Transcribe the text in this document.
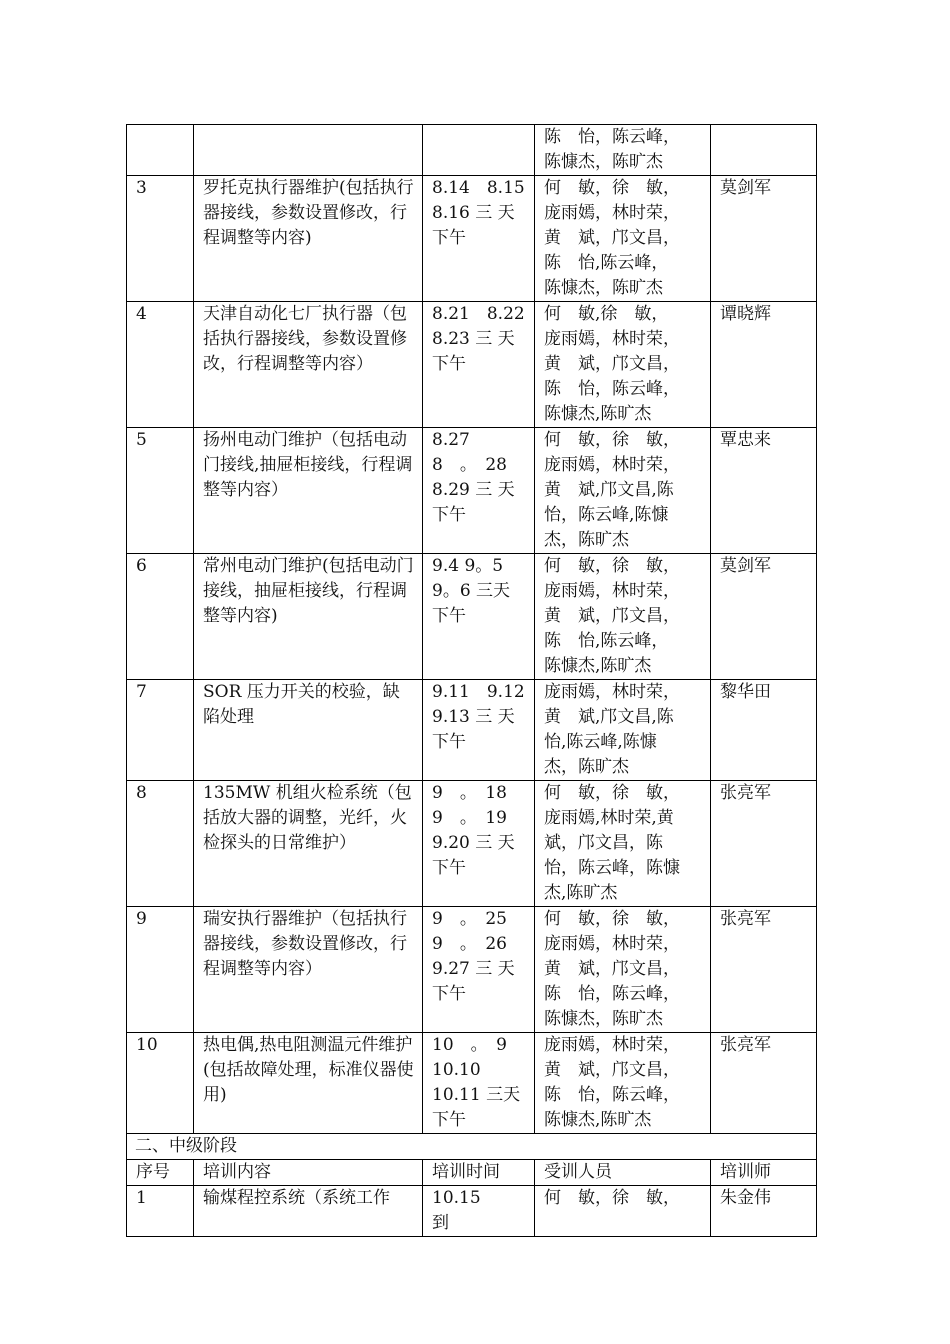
			陈　怡，陈云峰，
陈慷杰，陈旷杰	
3	罗托克执行器维护(包括执行器接线，参数设置修改，行程调整等内容)	8.14　8.15
8.16 三 天
下午	何　敏，徐　敏，
庞雨嫣，林时荣，
黄　斌，邝文昌，
陈　怡,陈云峰，
陈慷杰，陈旷杰	莫剑军
4	天津自动化七厂执行器（包括执行器接线，参数设置修改，行程调整等内容）	8.21　8.22
8.23 三 天
下午	何　敏,徐　敏，
庞雨嫣，林时荣，
黄　斌，邝文昌，
陈　怡，陈云峰，
陈慷杰,陈旷杰	谭晓辉
5	扬州电动门维护（包括电动门接线,抽屉柜接线，行程调整等内容）	8.27
8　。　28
8.29 三 天
下午	何　敏，徐　敏，
庞雨嫣，林时荣，
黄　斌,邝文昌,陈
怡，陈云峰,陈慷
杰，陈旷杰	覃忠来
6	常州电动门维护(包括电动门接线，抽屉柜接线，行程调整等内容)	9.4 9。5
9。6 三天
下午	何　敏，徐　敏，
庞雨嫣，林时荣，
黄　斌，邝文昌，
陈　怡,陈云峰，
陈慷杰,陈旷杰	莫剑军
7	SOR 压力开关的校验，缺陷处理	9.11　9.12
9.13 三 天
下午	庞雨嫣，林时荣，
黄　斌,邝文昌,陈
怡,陈云峰,陈慷
杰，陈旷杰	黎华田
8	135MW 机组火检系统（包括放大器的调整，光纤，火检探头的日常维护）	9　。　18
9　。　19
9.20 三 天
下午	何　敏，徐　敏，
庞雨嫣,林时荣,黄
斌，邝文昌，陈
怡，陈云峰，陈慷
杰,陈旷杰	张亮军
9	瑞安执行器维护（包括执行器接线，参数设置修改，行程调整等内容）	9　。　25
9　。　26
9.27 三 天
下午	何　敏，徐　敏，
庞雨嫣，林时荣，
黄　斌，邝文昌，
陈　怡，陈云峰，
陈慷杰，陈旷杰	张亮军
10	热电偶,热电阻测温元件维护(包括故障处理，标准仪器使用)	10　。　9
10.10
10.11 三天
下午	庞雨嫣，林时荣，
黄　斌，邝文昌，
陈　怡，陈云峰，
陈慷杰,陈旷杰	张亮军
二、中级阶段				
序号	培训内容	培训时间	受训人员	培训师
1	输煤程控系统（系统工作	10.15　　到	何　敏，徐　敏，	朱金伟
